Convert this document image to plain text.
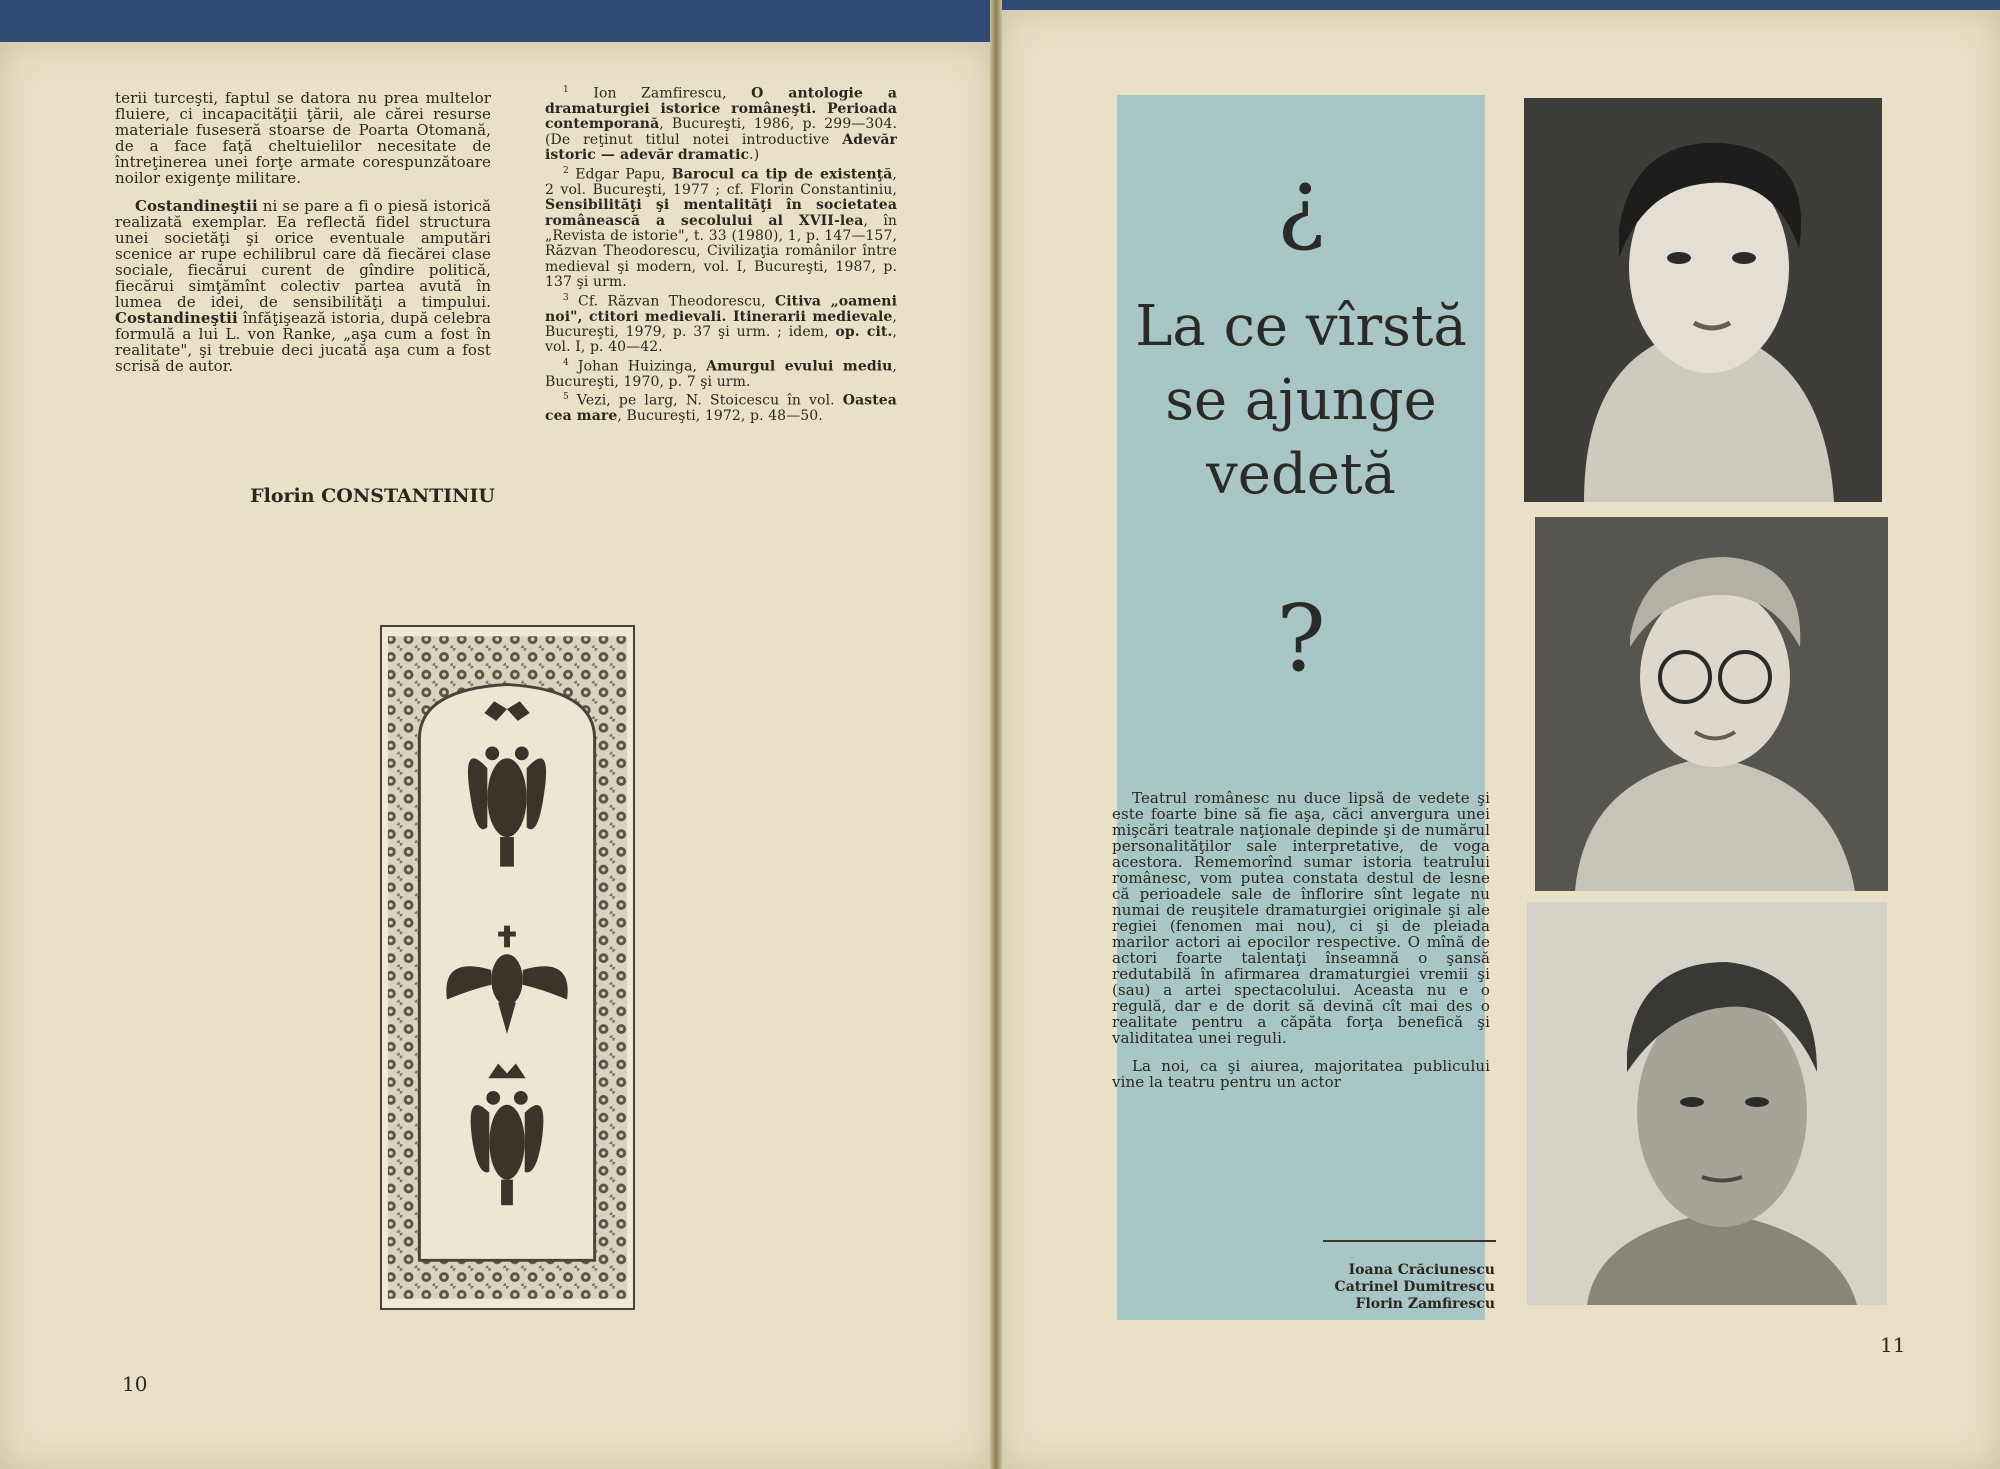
terii turceşti, faptul se datora nu prea multelor fluiere, ci incapacităţii ţării, ale cărei resurse materiale fuseseră stoarse de Poarta Otomană, de a face faţă cheltuielilor necesitate de întreţinerea unei forţe armate corespunzătoare noilor exigenţe militare.

Costandineştii ni se pare a fi o piesă istorică realizată exemplar. Ea reflectă fidel structura unei societăţi şi orice eventuale amputări scenice ar rupe echilibrul care dă fiecărei clase sociale, fiecărui curent de gîndire politică, fiecărui simţămînt colectiv partea avută în lumea de idei, de sensibilităţi a timpului. Costandineştii înfăţişează istoria, după celebra formulă a lui L. von Ranke, „aşa cum a fost în realitate", şi trebuie deci jucată aşa cum a fost scrisă de autor.

Florin CONSTANTINIU

$^1$ Ion Zamfirescu, O antologie a dramaturgiei istorice româneşti. Perioada contemporană, Bucureşti, 1986, p. 299—304. (De reţinut titlul notei introductive Adevăr istoric — adevăr dramatic.)

$^2$ Edgar Papu, Barocul ca tip de existenţă, 2 vol. Bucureşti, 1977 ; cf. Florin Constantiniu, Sensibilităţi şi mentalităţi în societatea românească a secolului al XVII-lea, în „Revista de istorie", t. 33 (1980), 1, p. 147—157, Răzvan Theodorescu, Civilizaţia românilor între medieval şi modern, vol. I, Bucureşti, 1987, p. 137 şi urm.

$^3$ Cf. Răzvan Theodorescu, Citiva „oameni noi", ctitori medievali. Itinerarii medievale, Bucureşti, 1979, p. 37 şi urm. ; idem, op. cit., vol. I, p. 40—42.

$^4$ Johan Huizinga, Amurgul evului mediu, Bucureşti, 1970, p. 7 şi urm.

$^5$ Vezi, pe larg, N. Stoicescu în vol. Oastea cea mare, Bucureşti, 1972, p. 48—50.

10
¿
La ce vîrstă
se ajunge
vedetă
?

Teatrul românesc nu duce lipsă de vedete şi este foarte bine să fie aşa, căci anvergura unei mişcări teatrale naţionale depinde şi de numărul personalităţilor sale interpretative, de voga acestora. Rememorînd sumar istoria teatrului românesc, vom putea constata destul de lesne că perioadele sale de înflorire sînt legate nu numai de reuşitele dramaturgiei originale şi ale regiei (fenomen mai nou), ci şi de pleiada marilor actori ai epocilor respective. O mînă de actori foarte talentaţi înseamnă o şansă redutabilă în afirmarea dramaturgiei vremii şi (sau) a artei spectacolului. Aceasta nu e o regulă, dar e de dorit să devină cît mai des o realitate pentru a căpăta forţa benefică şi validitatea unei reguli.

La noi, ca şi aiurea, majoritatea publicului vine la teatru pentru un actor

Ioana Crăciunescu
Catrinel Dumitrescu
Florin Zamfirescu
11
